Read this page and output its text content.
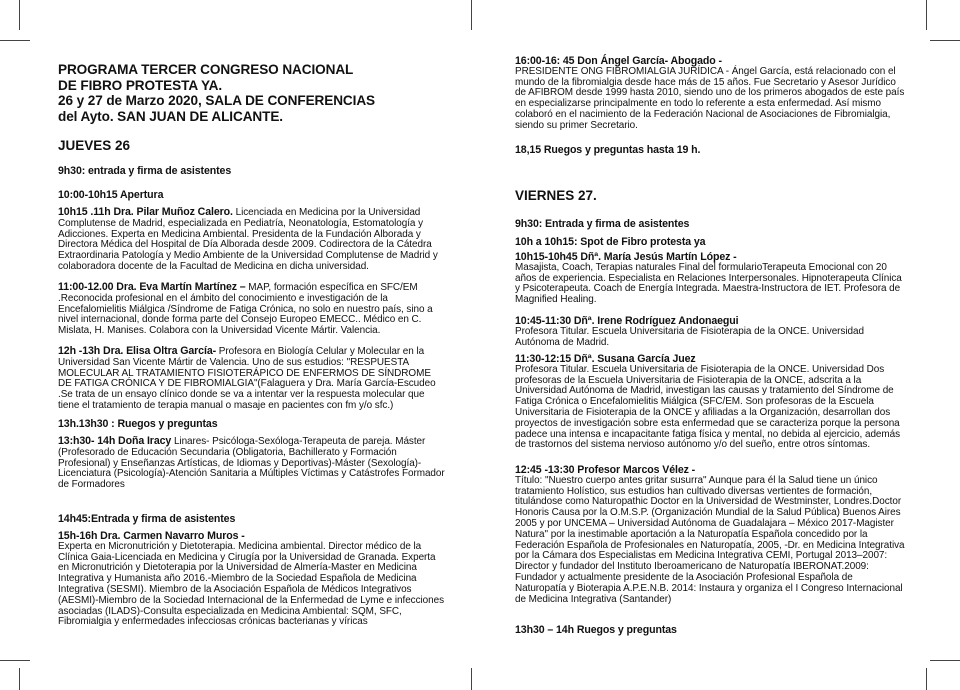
PROGRAMA TERCER CONGRESO NACIONAL
DE FIBRO PROTESTA YA.
26 y 27 de Marzo 2020, SALA DE CONFERENCIAS
del Ayto. SAN JUAN DE ALICANTE.
JUEVES 26
9h30: entrada y firma de asistentes
10:00-10h15 Apertura
10h15 .11h Dra. Pilar Muñoz Calero. Licenciada en Medicina por la Universidad Complutense de Madrid, especializada en Pediatría, Neonatología, Estomatología y Adicciones. Experta en Medicina Ambiental. Presidenta de la Fundación Alborada y Directora Médica del Hospital de Día Alborada desde 2009. Codirectora de la Cátedra Extraordinaria Patología y Medio Ambiente de la Universidad Complutense de Madrid y colaboradora docente de la Facultad de Medicina en dicha universidad.
11:00-12.00 Dra. Eva Martín Martínez – MAP, formación específica en SFC/EM .Reconocida profesional en el ámbito del conocimiento e investigación de la Encefalomielitis Miálgica /Síndrome de Fatiga Crónica, no solo en nuestro país, sino a nivel internacional, donde forma parte del Consejo Europeo EMECC.. Médico en C. Mislata, H. Manises. Colabora con la Universidad Vicente Mártir. Valencia.
12h -13h Dra. Elisa Oltra García- Profesora en Biología Celular y Molecular en la Universidad San Vicente Mártir de Valencia. Uno de sus estudios: "RESPUESTA MOLECULAR AL TRATAMIENTO FISIOTERÁPICO DE ENFERMOS DE SÍNDROME DE FATIGA CRÓNICA Y DE FIBROMIALGIA"(Falaguera y Dra. María García-Escudeo .Se trata de un ensayo clínico donde se va a intentar ver la respuesta molecular que tiene el tratamiento de terapia manual o masaje en pacientes con fm y/o sfc.)
13h.13h30 : Ruegos y preguntas
13:h30- 14h Doña Iracy Linares- Psicóloga-Sexóloga-Terapeuta de pareja. Máster (Profesorado de Educación Secundaria (Obligatoria, Bachillerato y Formación Profesional) y Enseñanzas Artísticas, de Idiomas y Deportivas)-Máster (Sexología)-Licenciatura (Psicología)-Atención Sanitaria a Múltiples Víctimas y Catástrofes Formador de Formadores
14h45:Entrada y firma de asistentes
15h-16h Dra. Carmen Navarro Muros -
Experta en Micronutrición y Dietoterapia. Medicina ambiental. Director médico de la Clínica Gaia-Licenciada en Medicina y Cirugía por la Universidad de Granada. Experta en Micronutrición y Dietoterapia por la Universidad de Almería-Master en Medicina Integrativa y Humanista año 2016.-Miembro de la Sociedad Española de Medicina Integrativa (SESMI). Miembro de la Asociación Española de Médicos Integrativos (AESMI)-Miembro de la Sociedad Internacional de la Enfermedad de Lyme e infecciones asociadas (ILADS)-Consulta especializada en Medicina Ambiental: SQM, SFC, Fibromialgia y enfermedades infecciosas crónicas bacterianas y víricas
16:00-16: 45 Don Ángel García- Abogado -
PRESIDENTE ONG FIBROMIALGIA JURÍDICA - Ángel García, está relacionado con el mundo de la fibromialgia desde hace más de 15 años. Fue Secretario y Asesor Jurídico de AFIBROM desde 1999 hasta 2010, siendo uno de los primeros abogados de este país en especializarse principalmente en todo lo referente a esta enfermedad. Así mismo colaboró en el nacimiento de la Federación Nacional de Asociaciones de Fibromialgia, siendo su primer Secretario.
18,15 Ruegos y preguntas hasta 19 h.
VIERNES 27.
9h30: Entrada y firma de asistentes
10h a 10h15: Spot de Fibro protesta ya
10h15-10h45 Dñª. María Jesús Martín López -
Masajista, Coach, Terapias naturales Final del formularioTerapeuta Emocional con 20 años de experiencia. Especialista en Relaciones Interpersonales. Hipnoterapeuta Clínica y Psicoterapeuta. Coach de Energía Integrada. Maestra-Instructora de IET. Profesora de Magnified Healing.
10:45-11:30 Dñª. Irene Rodríguez Andonaegui
Profesora Titular. Escuela Universitaria de Fisioterapia de la ONCE. Universidad Autónoma de Madrid.
11:30-12:15 Dñª. Susana García Juez
Profesora Titular. Escuela Universitaria de Fisioterapia de la ONCE. Universidad Dos profesoras de la Escuela Universitaria de Fisioterapia de la ONCE, adscrita a la Universidad Autónoma de Madrid, investigan las causas y tratamiento del Síndrome de Fatiga Crónica o Encefalomielitis Miálgica (SFC/EM. Son profesoras de la Escuela Universitaria de Fisioterapia de la ONCE y afiliadas a la Organización, desarrollan dos proyectos de investigación sobre esta enfermedad que se caracteriza porque la persona padece una intensa e incapacitante fatiga física y mental, no debida al ejercicio, además de trastornos del sistema nervioso autónomo y/o del sueño, entre otros síntomas.
12:45 -13:30 Profesor Marcos Vélez -
Título: "Nuestro cuerpo antes gritar susurra" Aunque para él la Salud tiene un único tratamiento Holístico, sus estudios han cultivado diversas vertientes de formación, titulándose como Naturopathic Doctor en la Universidad de Westminster, Londres.Doctor Honoris Causa por la O.M.S.P. (Organización Mundial de la Salud Pública) Buenos Aires 2005 y por UNCEMA – Universidad Autónoma de Guadalajara – México 2017-Magister Natura" por la inestimable aportación a la Naturopatía Española concedido por la Federación Española de Profesionales en Naturopatía, 2005, -Dr. en Medicina Integrativa por la Cámara dos Especialistas em Medicina Integrativa CEMI, Portugal 2013–2007: Director y fundador del Instituto Iberoamericano de Naturopatía IBERONAT.2009: Fundador y actualmente presidente de la Asociación Profesional Española de Naturopatía y Bioterapia A.P.E.N.B. 2014: Instaura y organiza el I Congreso Internacional de Medicina Integrativa (Santander)
13h30 – 14h Ruegos y preguntas
